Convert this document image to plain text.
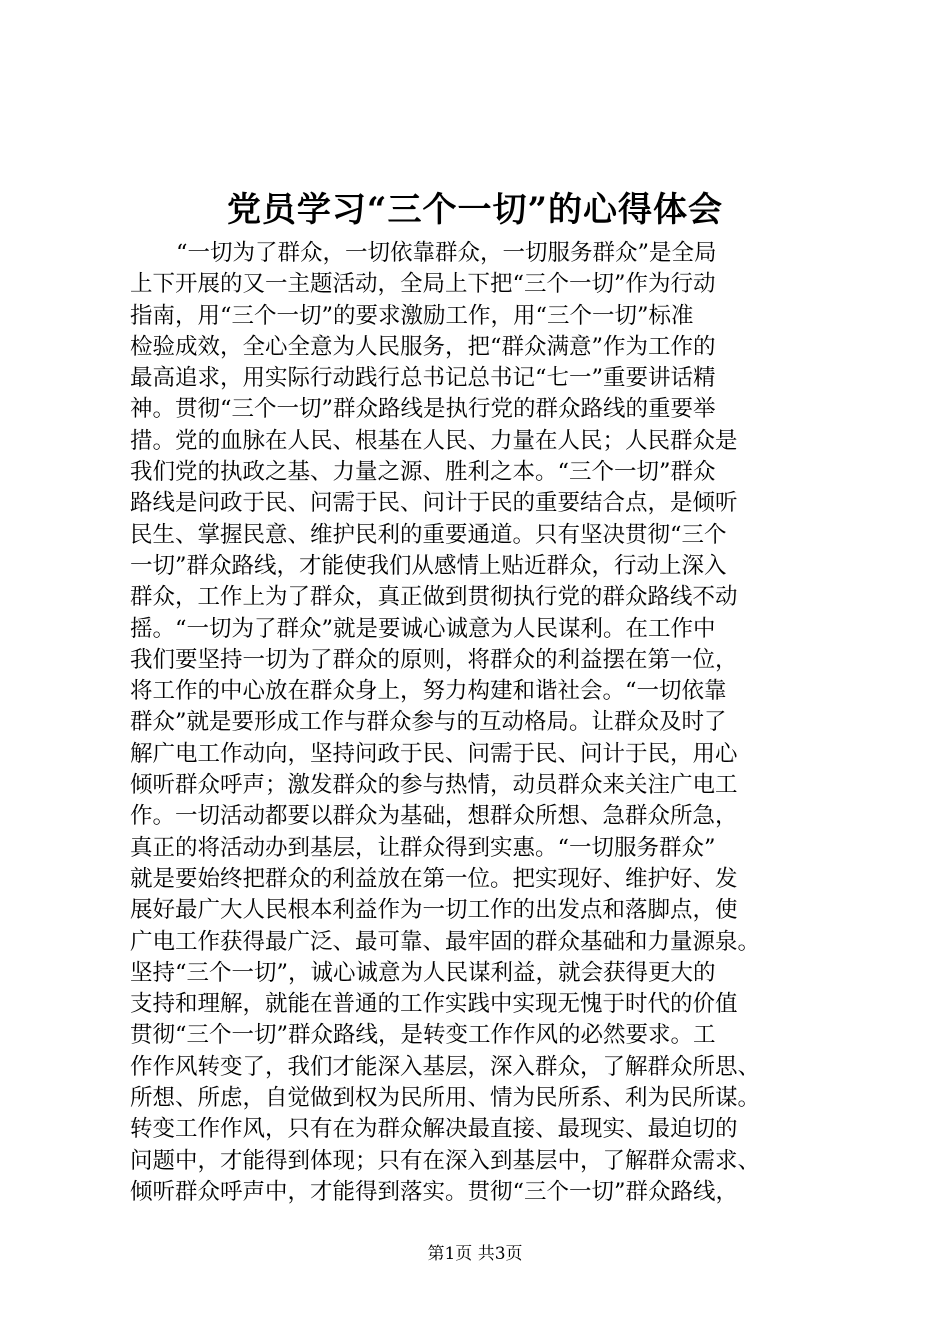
党员学习“三个一切”的心得体会
“一切为了群众，一切依靠群众，一切服务群众”是全局
上下开展的又一主题活动，全局上下把“三个一切”作为行动
指南，用“三个一切”的要求激励工作，用“三个一切”标准
检验成效，全心全意为人民服务，把“群众满意”作为工作的
最高追求，用实际行动践行总书记总书记“七一”重要讲话精
神。贯彻“三个一切”群众路线是执行党的群众路线的重要举
措。党的血脉在人民、根基在人民、力量在人民；人民群众是
我们党的执政之基、力量之源、胜利之本。“三个一切”群众
路线是问政于民、问需于民、问计于民的重要结合点，是倾听
民生、掌握民意、维护民利的重要通道。只有坚决贯彻“三个
一切”群众路线，才能使我们从感情上贴近群众，行动上深入
群众，工作上为了群众，真正做到贯彻执行党的群众路线不动
摇。“一切为了群众”就是要诚心诚意为人民谋利。在工作中
我们要坚持一切为了群众的原则，将群众的利益摆在第一位，
将工作的中心放在群众身上，努力构建和谐社会。“一切依靠
群众”就是要形成工作与群众参与的互动格局。让群众及时了
解广电工作动向，坚持问政于民、问需于民、问计于民，用心
倾听群众呼声；激发群众的参与热情，动员群众来关注广电工
作。一切活动都要以群众为基础，想群众所想、急群众所急，
真正的将活动办到基层，让群众得到实惠。“一切服务群众”
就是要始终把群众的利益放在第一位。把实现好、维护好、发
展好最广大人民根本利益作为一切工作的出发点和落脚点，使
广电工作获得最广泛、最可靠、最牢固的群众基础和力量源泉。
坚持“三个一切”，诚心诚意为人民谋利益，就会获得更大的
支持和理解，就能在普通的工作实践中实现无愧于时代的价值
贯彻“三个一切”群众路线，是转变工作作风的必然要求。工
作作风转变了，我们才能深入基层，深入群众，了解群众所思、
所想、所虑，自觉做到权为民所用、情为民所系、利为民所谋。
转变工作作风，只有在为群众解决最直接、最现实、最迫切的
问题中，才能得到体现；只有在深入到基层中，了解群众需求、
倾听群众呼声中，才能得到落实。贯彻“三个一切”群众路线，
第1页 共3页
